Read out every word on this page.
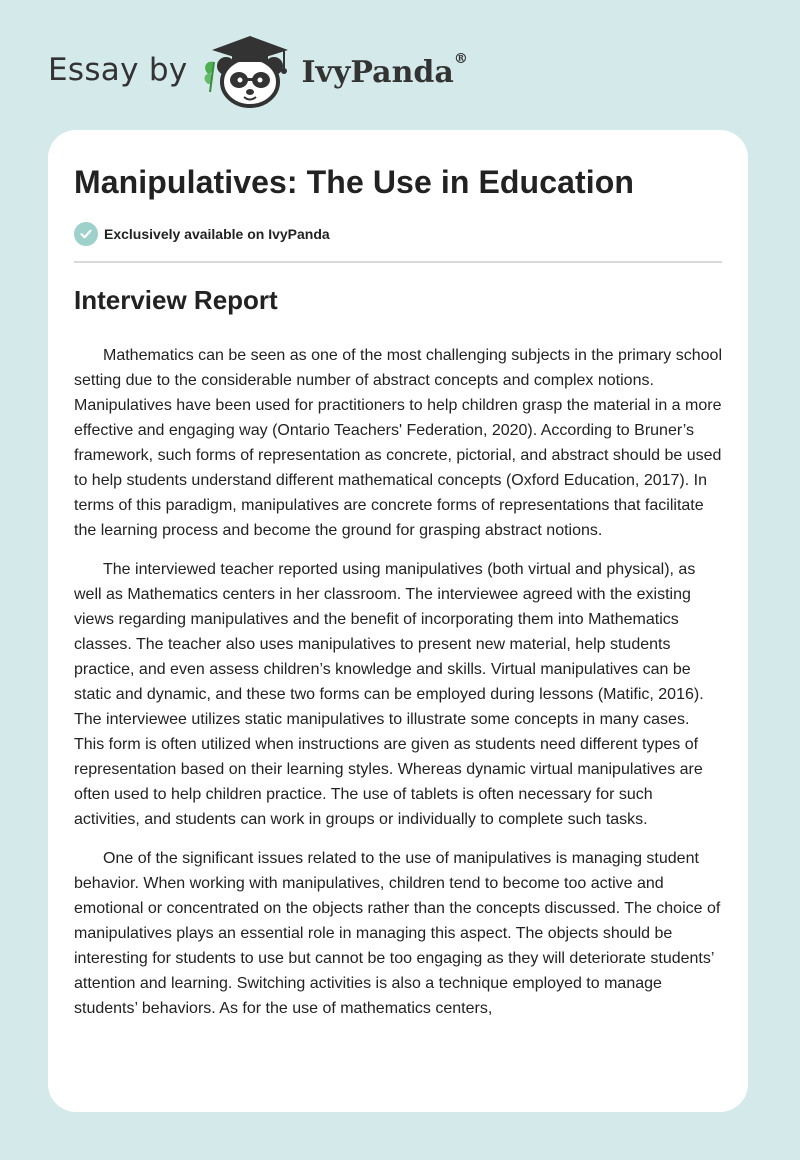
Essay by	IvyPanda®
Manipulatives: The Use in Education
Exclusively available on IvyPanda
Interview Report

Mathematics can be seen as one of the most challenging subjects in the primary school setting due to the considerable number of abstract concepts and complex notions. Manipulatives have been used for practitioners to help children grasp the material in a more effective and engaging way (Ontario Teachers' Federation, 2020). According to Bruner’s framework, such forms of representation as concrete, pictorial, and abstract should be used to help students understand different mathematical concepts (Oxford Education, 2017). In terms of this paradigm, manipulatives are concrete forms of representations that facilitate the learning process and become the ground for grasping abstract notions.

The interviewed teacher reported using manipulatives (both virtual and physical), as well as Mathematics centers in her classroom. The interviewee agreed with the existing views regarding manipulatives and the benefit of incorporating them into Mathematics classes. The teacher also uses manipulatives to present new material, help students practice, and even assess children’s knowledge and skills. Virtual manipulatives can be static and dynamic, and these two forms can be employed during lessons (Matific, 2016). The interviewee utilizes static manipulatives to illustrate some concepts in many cases. This form is often utilized when instructions are given as students need different types of representation based on their learning styles. Whereas dynamic virtual manipulatives are often used to help children practice. The use of tablets is often necessary for such activities, and students can work in groups or individually to complete such tasks.

One of the significant issues related to the use of manipulatives is managing student behavior. When working with manipulatives, children tend to become too active and emotional or concentrated on the objects rather than the concepts discussed. The choice of manipulatives plays an essential role in managing this aspect. The objects should be interesting for students to use but cannot be too engaging as they will deteriorate students’ attention and learning. Switching activities is also a technique employed to manage students’ behaviors. As for the use of mathematics centers,
